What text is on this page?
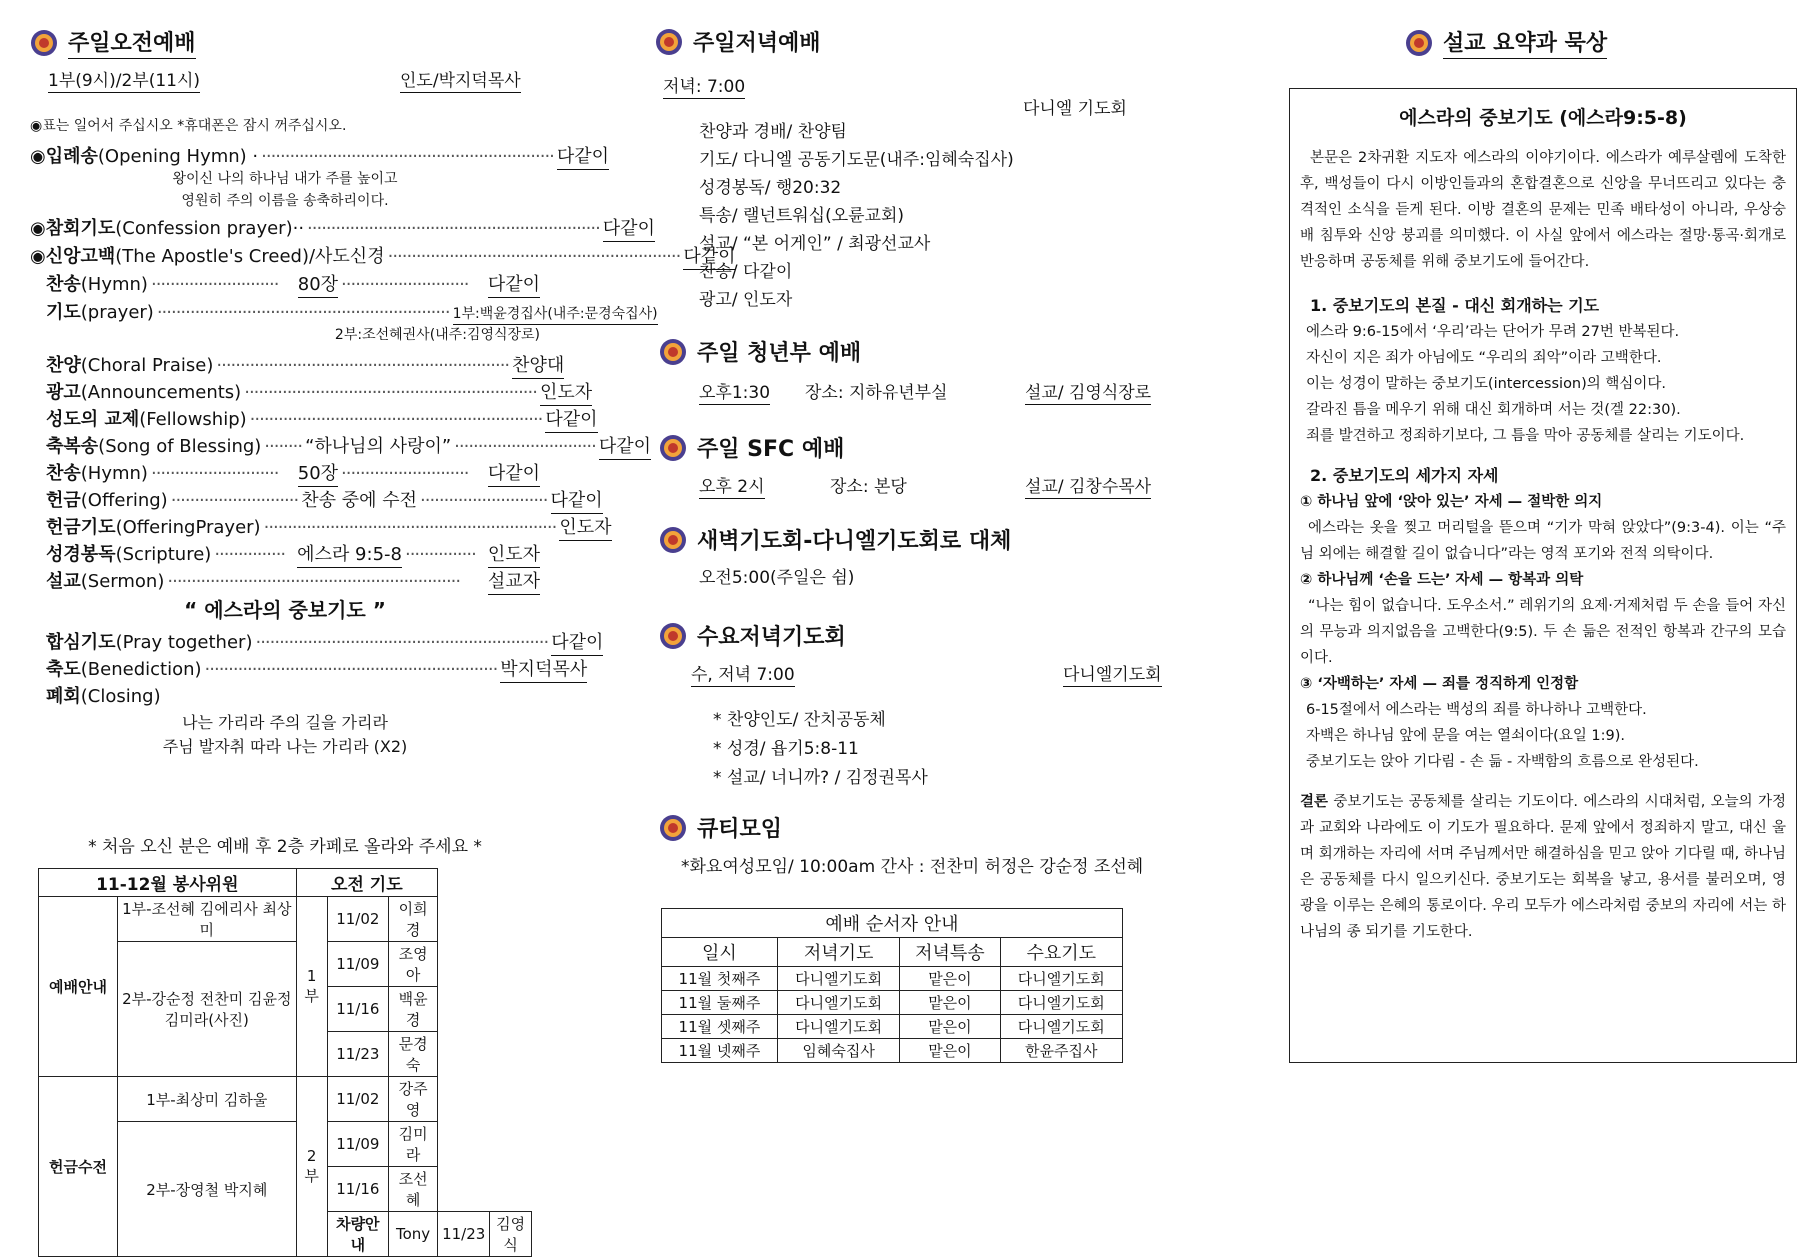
주일오전예배
1부(9시)/2부(11시)	인도/박지덕목사
◉표는 일어서 주십시오 *휴대폰은 잠시 꺼주십시오.
◉입례송 (Opening Hymn) · ······························································ 다같이
왕이신 나의 하나님 내가 주를 높이고
영원히 주의 이름을 송축하리이다.
◉참회기도 (Confession prayer)·· ······························································ 다같이
◉신앙고백 (The Apostle's Creed)/사도신경 ······························································ 다같이
찬송 (Hymn) ···························	80장 ···························	다같이
기도 (prayer) ······························································ 1부:백윤경집사(내주:문경숙집사)
2부:조선혜권사(내주:김영식장로)
찬양 (Choral Praise) ······························································ 찬양대
광고 (Announcements) ······························································ 인도자
성도의 교제 (Fellowship) ······························································ 다같이
축복송 (Song of Blessing) ········ “하나님의 사랑이” ······························ 다같이
찬송 (Hymn) ···························	50장 ···························	다같이
헌금 (Offering) ··························· 찬송 중에 수전 ··························· 다같이
헌금기도 (OfferingPrayer) ······························································ 인도자
성경봉독 (Scripture) ··············· 에스라 9:5-8 ··············· 인도자
설교 (Sermon) ······························································	설교자
“ 에스라의 중보기도 ”
합심기도 (Pray together) ······························································ 다같이
축도 (Benediction) ······························································ 박지덕목사
폐회 (Closing)
나는 가리라 주의 길을 가리라
주님 발자취 따라 나는 가리라 (X2)
* 처음 오신 분은 예배 후 2층 카페로 올라와 주세요 *
11-12월 봉사위원		오전 기도				
예배안내	1부-조선혜 김에리사 최상미	1부	11/02	이희경		
	2부-강순정 전찬미 김윤정 김미라(사진)		11/09	조영아		
			11/16	백윤경		
			11/23	문경숙		
헌금수전	1부-최상미 김하울	2부	11/02	강주영		
	2부-장영철 박지혜		11/09	김미라		
			11/16	조선혜		
			차량안내	Tony	11/23	김영식
주일저녁예배
저녁: 7:00
다니엘 기도회
찬양과 경배/ 찬양팀
기도/ 다니엘 공동기도문(내주:임혜숙집사)
성경봉독/ 행20:32
특송/ 랠넌트워십(오륜교회)
설교/ “본 어게인” / 최광선교사
찬송/ 다같이
광고/ 인도자
주일 청년부 예배
오후1:30 장소: 지하유년부실	설교/ 김영식장로
주일 SFC 예배
오후 2시	장소: 본당	설교/ 김창수목사
새벽기도회-다니엘기도회로 대체
오전5:00(주일은 쉼)
수요저녁기도회
수, 저녁 7:00	다니엘기도회
* 찬양인도/ 잔치공동체
* 성경/ 욥기5:8-11
* 설교/ 너니까? / 김정권목사
큐티모임
*화요여성모임/ 10:00am 간사 : 전찬미 허정은 강순정 조선혜
예배 순서자 안내			
일시	저녁기도	저녁특송	수요기도
11월 첫째주	다니엘기도회	맡은이	다니엘기도회
11월 둘째주	다니엘기도회	맡은이	다니엘기도회
11월 셋째주	다니엘기도회	맡은이	다니엘기도회
11월 넷째주	임혜숙집사	맡은이	한윤주집사
설교 요약과 묵상
에스라의 중보기도 (에스라9:5-8)

본문은 2차귀환 지도자 에스라의 이야기이다. 에스라가 예루살렘에 도착한 후, 백성들이 다시 이방인들과의 혼합결혼으로 신앙을 무너뜨리고 있다는 충격적인 소식을 듣게 된다. 이방 결혼의 문제는 민족 배타성이 아니라, 우상숭배 침투와 신앙 붕괴를 의미했다. 이 사실 앞에서 에스라는 절망·통곡·회개로 반응하며 공동체를 위해 중보기도에 들어간다.

1. 중보기도의 본질 - 대신 회개하는 기도
에스라 9:6-15에서 ‘우리’라는 단어가 무려 27번 반복된다.
자신이 지은 죄가 아님에도 “우리의 죄악”이라 고백한다.
이는 성경이 말하는 중보기도(intercession)의 핵심이다.
갈라진 틈을 메우기 위해 대신 회개하며 서는 것(겔 22:30).
죄를 발견하고 정죄하기보다, 그 틈을 막아 공동체를 살리는 기도이다.
2. 중보기도의 세가지 자세
① 하나님 앞에 ‘앉아 있는’ 자세 — 절박한 의지

에스라는 옷을 찢고 머리털을 뜯으며 “기가 막혀 앉았다”(9:3-4). 이는 “주님 외에는 해결할 길이 없습니다”라는 영적 포기와 전적 의탁이다.

② 하나님께 ‘손을 드는’ 자세 — 항복과 의탁

“나는 힘이 없습니다. 도우소서.” 레위기의 요제·거제처럼 두 손을 들어 자신의 무능과 의지없음을 고백한다(9:5). 두 손 듦은 전적인 항복과 간구의 모습이다.

③ ‘자백하는’ 자세 — 죄를 정직하게 인정함
6-15절에서 에스라는 백성의 죄를 하나하나 고백한다.
자백은 하나님 앞에 문을 여는 열쇠이다(요일 1:9).
중보기도는 앉아 기다림 - 손 듦 - 자백함의 흐름으로 완성된다.

결론 중보기도는 공동체를 살리는 기도이다. 에스라의 시대처럼, 오늘의 가정과 교회와 나라에도 이 기도가 필요하다. 문제 앞에서 정죄하지 말고, 대신 울며 회개하는 자리에 서며 주님께서만 해결하심을 믿고 앉아 기다릴 때, 하나님은 공동체를 다시 일으키신다. 중보기도는 회복을 낳고, 용서를 불러오며, 영광을 이루는 은혜의 통로이다. 우리 모두가 에스라처럼 중보의 자리에 서는 하나님의 종 되기를 기도한다.
